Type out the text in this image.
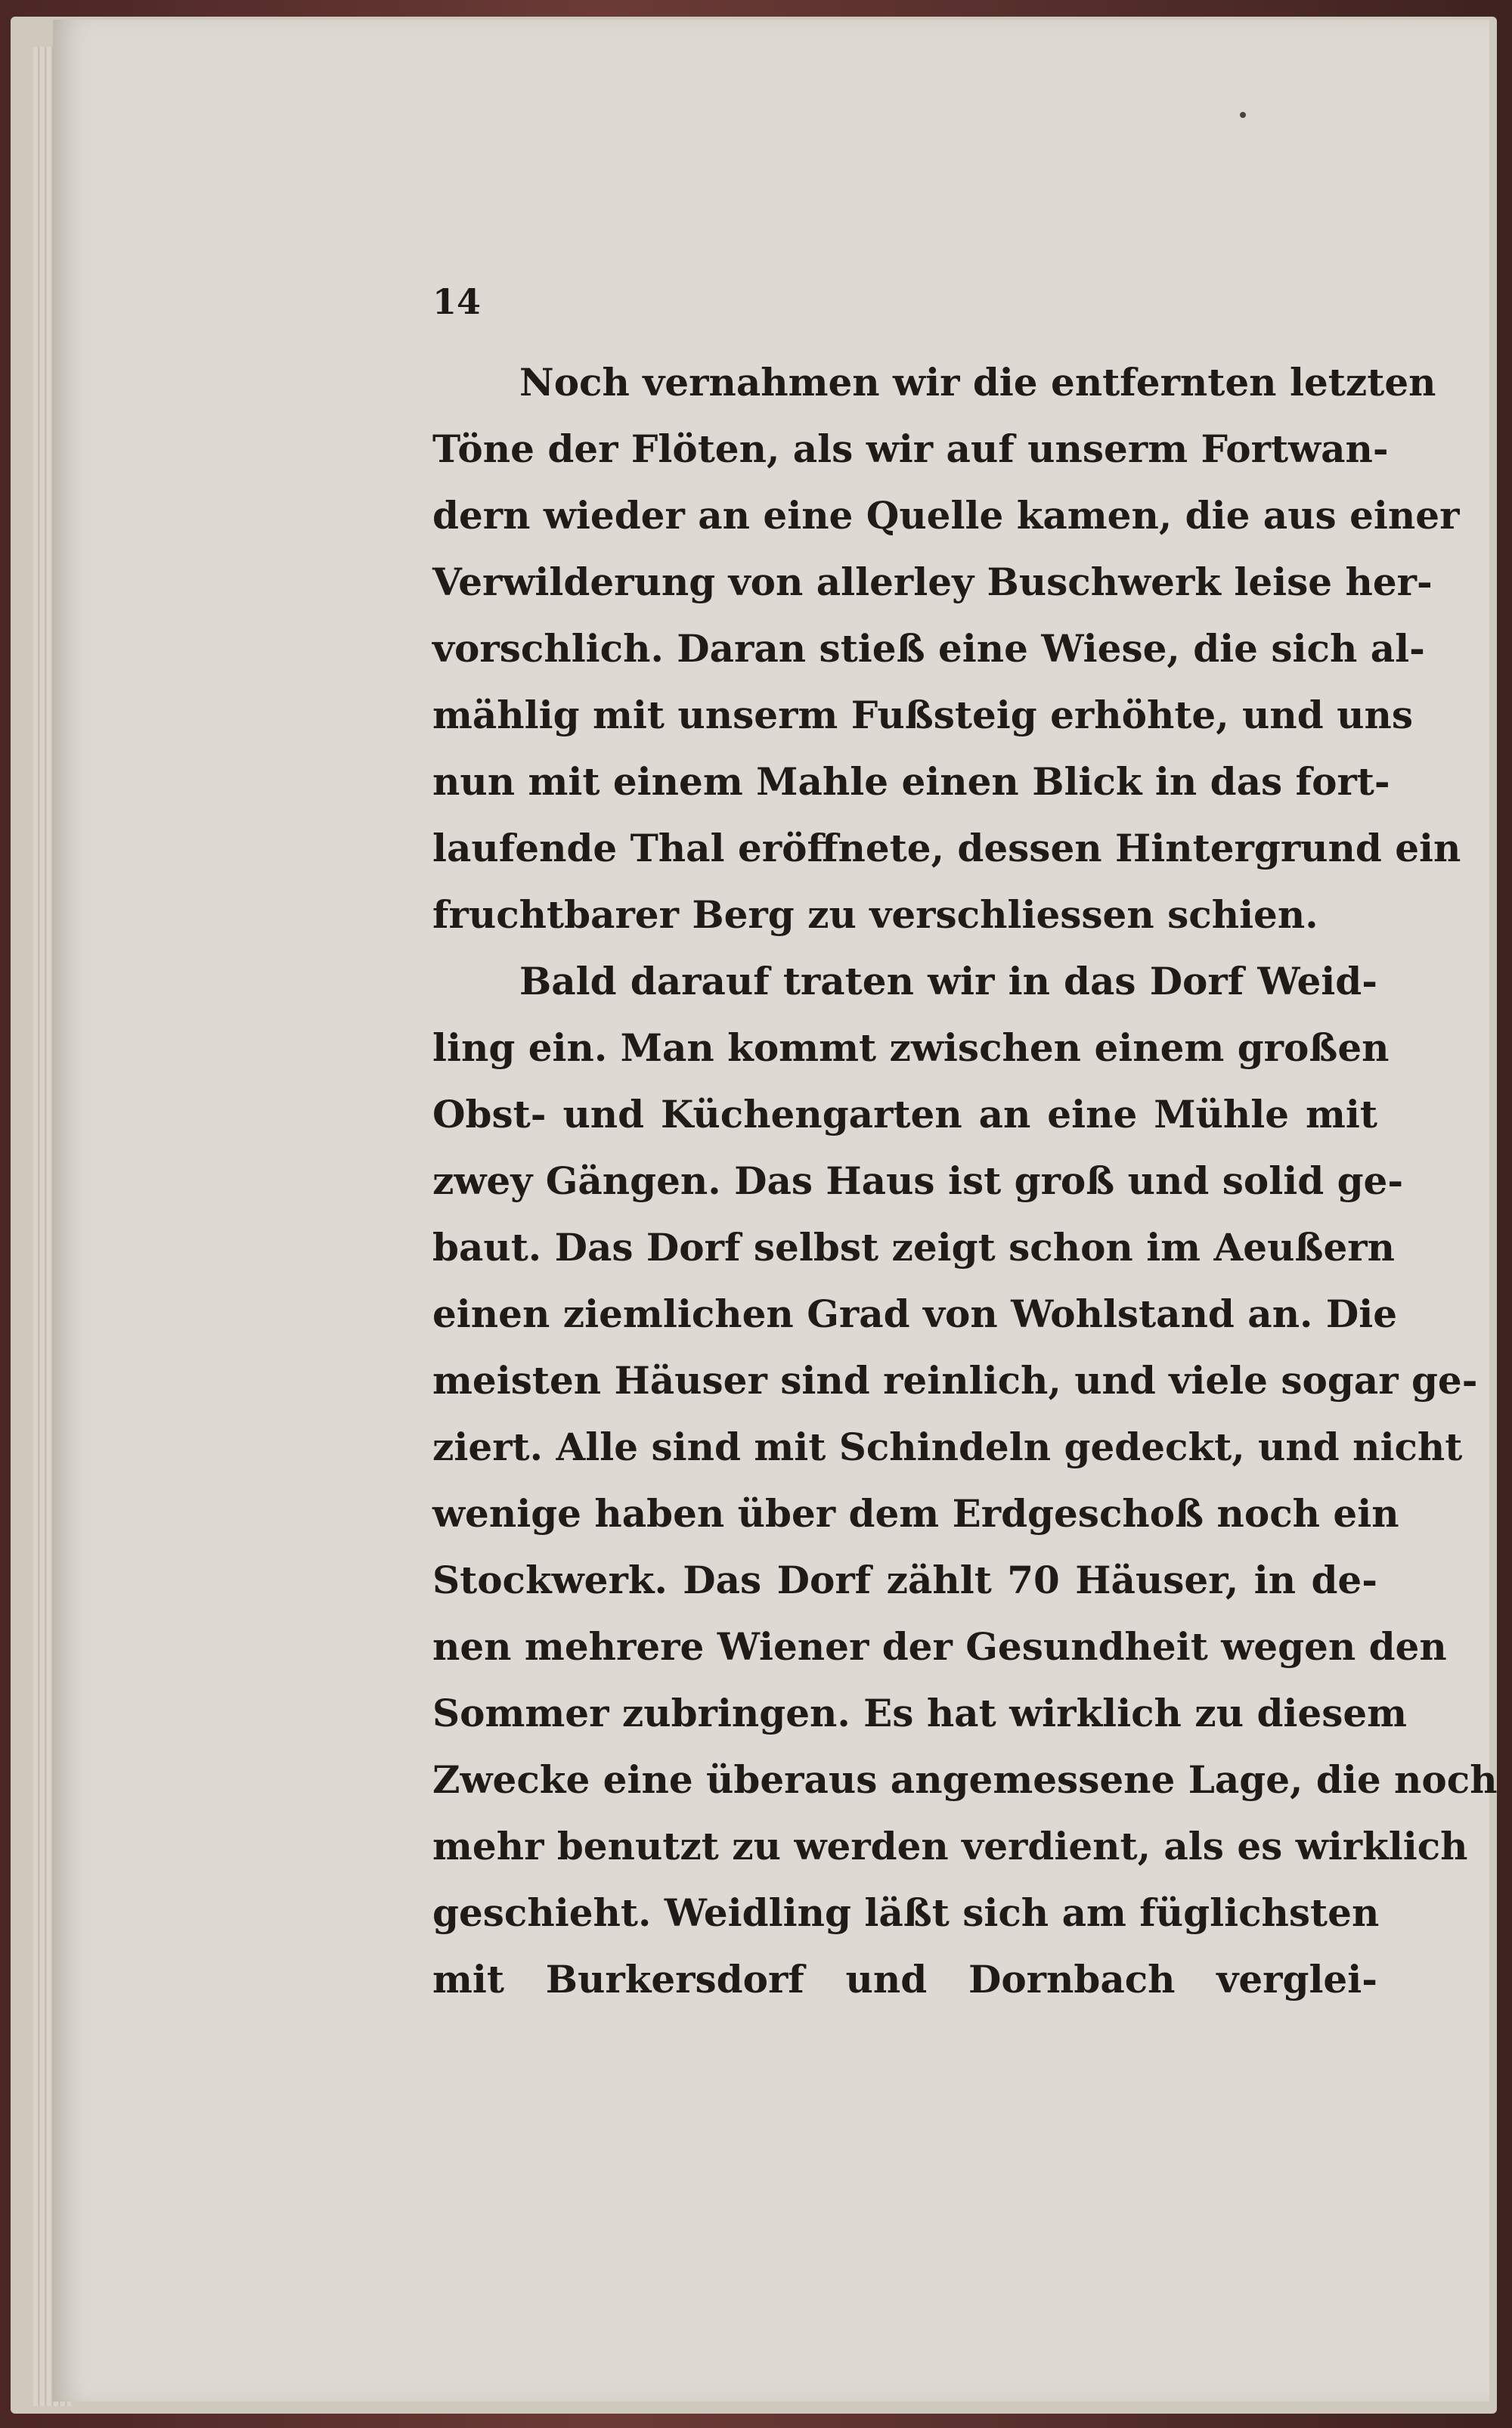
14

Noch vernahmen wir die entfernten letzten
Töne der Flöten, als wir auf unserm Fortwan-
dern wieder an eine Quelle kamen, die aus einer
Verwilderung von allerley Buschwerk leise her-
vorschlich. Daran stieß eine Wiese, die sich al-
mählig mit unserm Fußsteig erhöhte, und uns
nun mit einem Mahle einen Blick in das fort-
laufende Thal eröffnete, dessen Hintergrund ein
fruchtbarer Berg zu verschliessen schien.
Bald darauf traten wir in das Dorf Weid-
ling ein. Man kommt zwischen einem großen
Obst- und Küchengarten an eine Mühle mit
zwey Gängen. Das Haus ist groß und solid ge-
baut. Das Dorf selbst zeigt schon im Aeußern
einen ziemlichen Grad von Wohlstand an. Die
meisten Häuser sind reinlich, und viele sogar ge-
ziert. Alle sind mit Schindeln gedeckt, und nicht
wenige haben über dem Erdgeschoß noch ein
Stockwerk. Das Dorf zählt 70 Häuser, in de-
nen mehrere Wiener der Gesundheit wegen den
Sommer zubringen. Es hat wirklich zu diesem
Zwecke eine überaus angemessene Lage, die noch
mehr benutzt zu werden verdient, als es wirklich
geschieht. Weidling läßt sich am füglichsten
mit Burkersdorf und Dornbach verglei-
